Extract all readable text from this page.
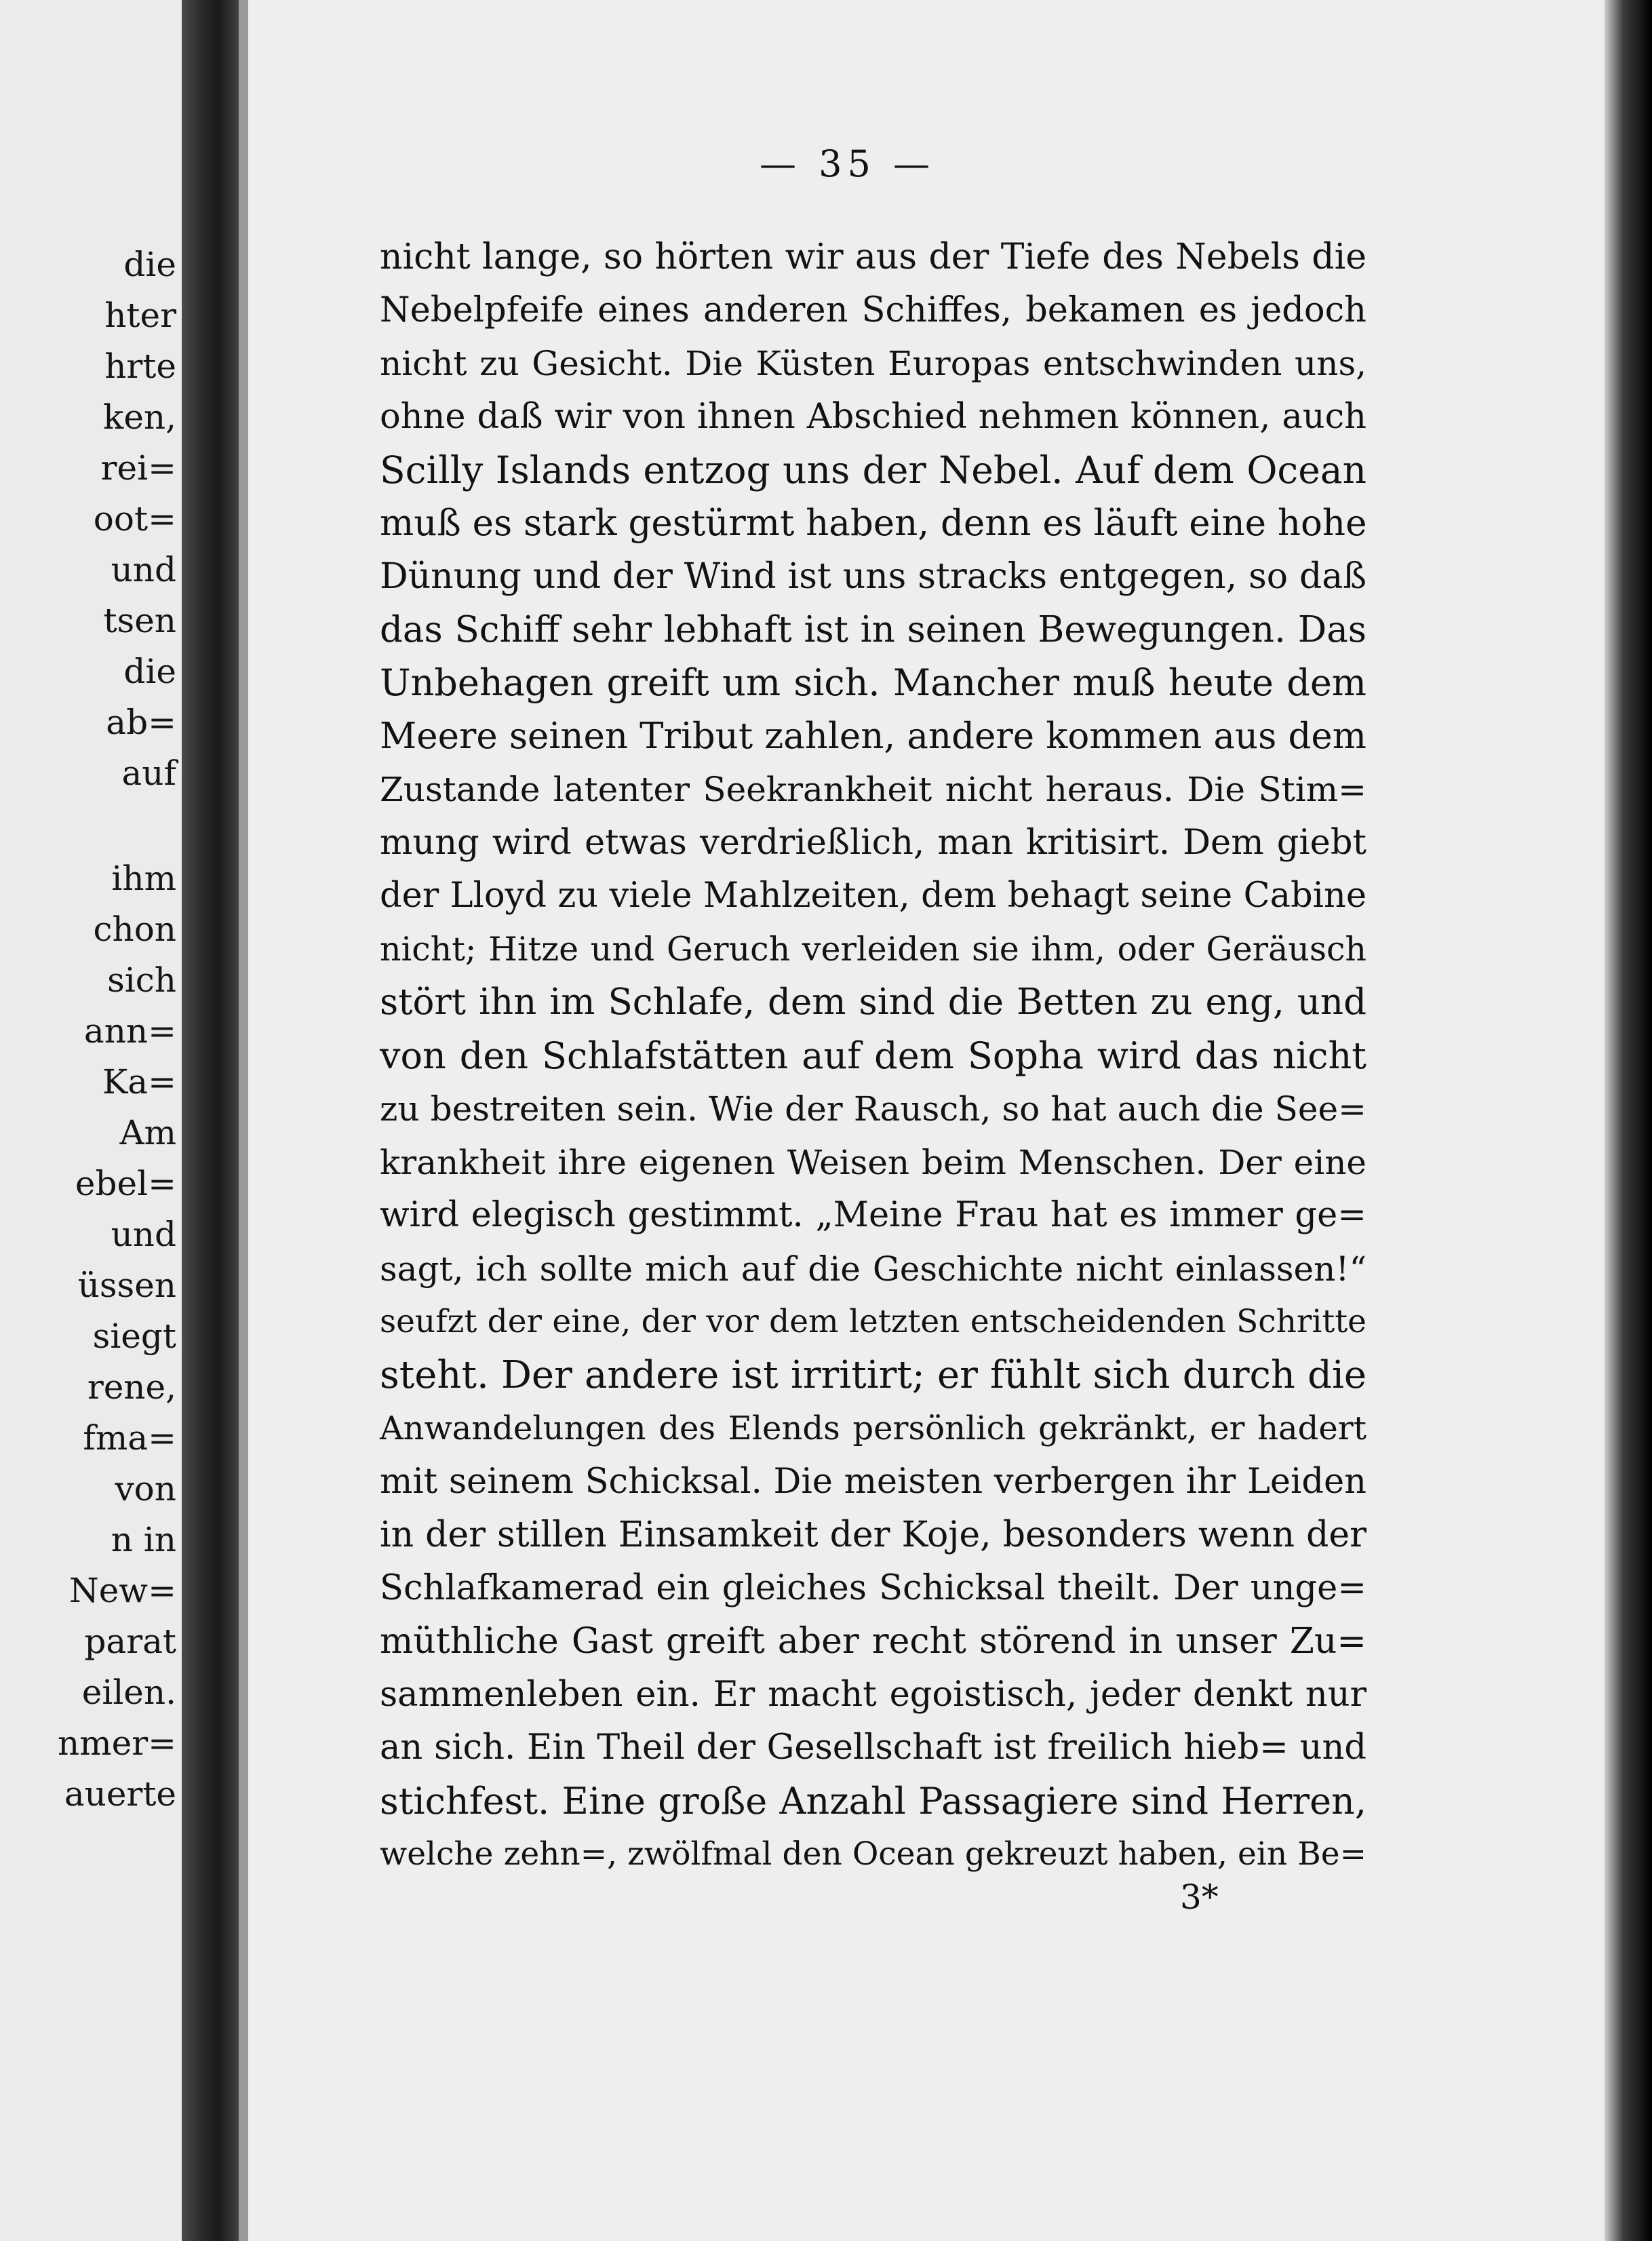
die
hter
hrte
ken,
rei=
oot=
und
tsen
die
ab=
auf
ihm
chon
sich
ann=
Ka=
Am
ebel=
und
üssen
siegt
rene,
fma=
von
n in
New=
parat
eilen.
nmer=
auerte
— 35 —
nicht lange, so hörten wir aus der Tiefe des Nebels die
Nebelpfeife eines anderen Schiffes, bekamen es jedoch
nicht zu Gesicht. Die Küsten Europas entschwinden uns,
ohne daß wir von ihnen Abschied nehmen können, auch
Scilly Islands entzog uns der Nebel. Auf dem Ocean
muß es stark gestürmt haben, denn es läuft eine hohe
Dünung und der Wind ist uns stracks entgegen, so daß
das Schiff sehr lebhaft ist in seinen Bewegungen. Das
Unbehagen greift um sich. Mancher muß heute dem
Meere seinen Tribut zahlen, andere kommen aus dem
Zustande latenter Seekrankheit nicht heraus. Die Stim=
mung wird etwas verdrießlich, man kritisirt. Dem giebt
der Lloyd zu viele Mahlzeiten, dem behagt seine Cabine
nicht; Hitze und Geruch verleiden sie ihm, oder Geräusch
stört ihn im Schlafe, dem sind die Betten zu eng, und
von den Schlafstätten auf dem Sopha wird das nicht
zu bestreiten sein. Wie der Rausch, so hat auch die See=
krankheit ihre eigenen Weisen beim Menschen. Der eine
wird elegisch gestimmt. „Meine Frau hat es immer ge=
sagt, ich sollte mich auf die Geschichte nicht einlassen!“
seufzt der eine, der vor dem letzten entscheidenden Schritte
steht. Der andere ist irritirt; er fühlt sich durch die
Anwandelungen des Elends persönlich gekränkt, er hadert
mit seinem Schicksal. Die meisten verbergen ihr Leiden
in der stillen Einsamkeit der Koje, besonders wenn der
Schlafkamerad ein gleiches Schicksal theilt. Der unge=
müthliche Gast greift aber recht störend in unser Zu=
sammenleben ein. Er macht egoistisch, jeder denkt nur
an sich. Ein Theil der Gesellschaft ist freilich hieb= und
stichfest. Eine große Anzahl Passagiere sind Herren,
welche zehn=, zwölfmal den Ocean gekreuzt haben, ein Be=
3*
